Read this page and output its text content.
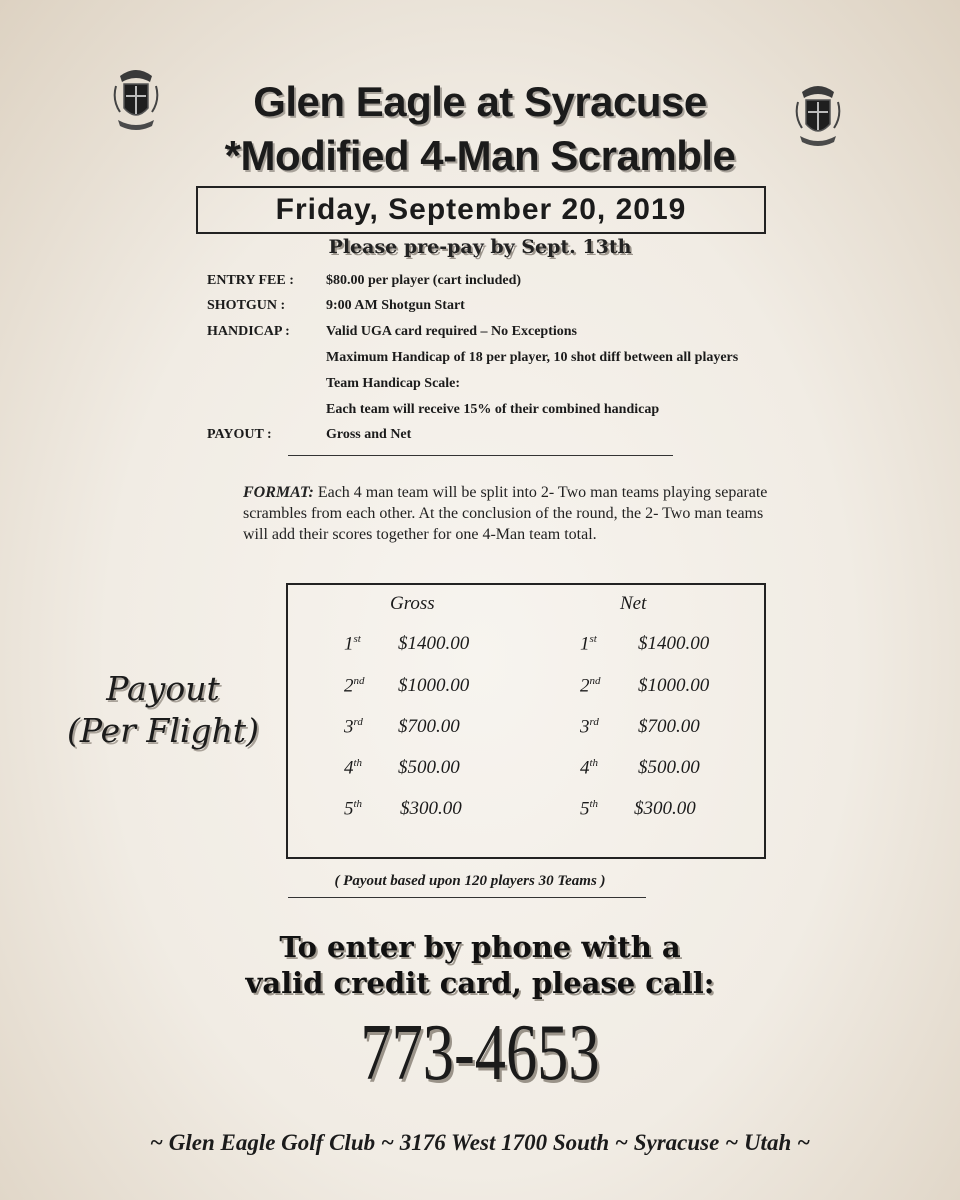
Glen Eagle at Syracuse
*Modified 4-Man Scramble
Friday, September 20, 2019
Please pre-pay by Sept. 13th
ENTRY FEE : $80.00 per player (cart included)
SHOTGUN :	9:00 AM Shotgun Start
HANDICAP :	Valid UGA card required – No Exceptions
Maximum Handicap of 18 per player, 10 shot diff between all players
Team Handicap Scale:
Each team will receive 15% of their combined handicap
PAYOUT :	Gross and Net
FORMAT: Each 4 man team will be split into 2- Two man teams playing separate scrambles from each other. At the conclusion of the round, the 2- Two man teams will add their scores together for one 4-Man team total.
Payout
(Per Flight)
Gross	Net
1st $1400.00	1st $1400.00
2nd $1000.00	2nd $1000.00
3rd $700.00	3rd $700.00
4th $500.00	4th $500.00
5th $300.00	5th $300.00
( Payout based upon 120 players 30 Teams )
To enter by phone with a
valid credit card, please call:
773-4653
~ Glen Eagle Golf Club ~ 3176 West 1700 South ~ Syracuse ~ Utah ~
